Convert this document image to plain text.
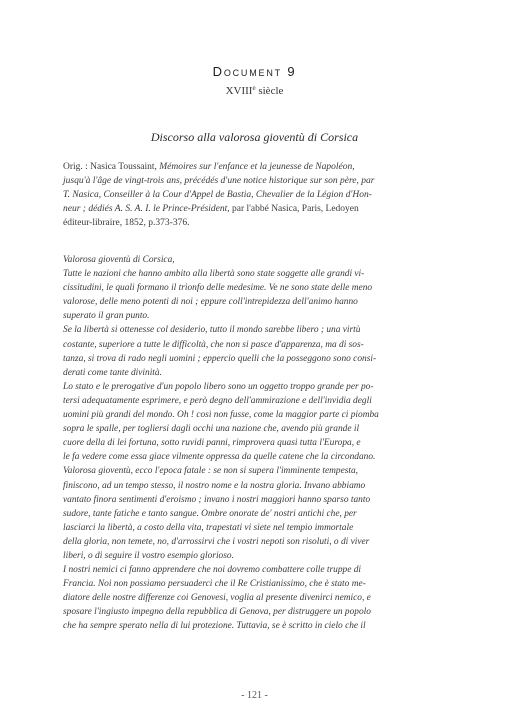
Document 9
XVIIIe siècle
Discorso alla valorosa gioventù di Corsica
Orig. : Nasica Toussaint, Mémoires sur l'enfance et la jeunesse de Napoléon,
jusqu'à l'âge de vingt-trois ans, précédés d'une notice historique sur son père, par
T. Nasica, Conseiller à la Cour d'Appel de Bastia, Chevalier de la Légion d'Hon-
neur ; dédiés A. S. A. I. le Prince-Président, par l'abbé Nasica, Paris, Ledoyen
éditeur-libraire, 1852, p.373-376.
Valorosa gioventù di Corsica,
Tutte le nazioni che hanno ambito alla libertà sono state soggette alle grandi vi-
cissitudini, le quali formano il trionfo delle medesime. Ve ne sono state delle meno
valorose, delle meno potenti di noi ; eppure coll'intrepidezza dell'animo hanno
superato il gran punto.
Se la libertà si ottenesse col desiderio, tutto il mondo sarebbe libero ; una virtù
costante, superiore a tutte le difficoltà, che non si pasce d'apparenza, ma di sos-
tanza, si trova di rado negli uomini ; eppercio quelli che la posseggono sono consi-
derati come tante divinità.
Lo stato e le prerogative d'un popolo libero sono un oggetto troppo grande per po-
tersi adequatamente esprimere, e però degno dell'ammirazione e dell'invidia degli
uomini più grandi del mondo. Oh ! così non fusse, come la maggior parte ci piomba
sopra le spalle, per togliersi dagli occhi una nazione che, avendo più grande il
cuore della di lei fortuna, sotto ruvidi panni, rimprovera quasi tutta l'Europa, e
le fa vedere come essa giace vilmente oppressa da quelle catene che la circondano.
Valorosa gioventù, ecco l'epoca fatale : se non si supera l'imminente tempesta,
finiscono, ad un tempo stesso, il nostro nome e la nostra gloria. Invano abbiamo
vantato finora sentimenti d'eroismo ; invano i nostri maggiori hanno sparso tanto
sudore, tante fatiche e tanto sangue. Ombre onorate de' nostri antichi che, per
lasciarci la libertà, a costo della vita, trapestati vi siete nel tempio immortale
della gloria, non temete, no, d'arrossirvi che i vostri nepoti son risoluti, o di viver
liberi, o di seguire il vostro esempio glorioso.
I nostri nemici ci fanno apprendere che noi dovremo combattere colle truppe di
Francia. Noi non possiamo persuaderci che il Re Cristianissimo, che è stato me-
diatore delle nostre differenze coi Genovesi, voglia al presente divenirci nemico, e
sposare l'ingiusto impegno della repubblica di Genova, per distruggere un popolo
che ha sempre sperato nella di lui protezione. Tuttavia, se è scritto in cielo che il
- 121 -
